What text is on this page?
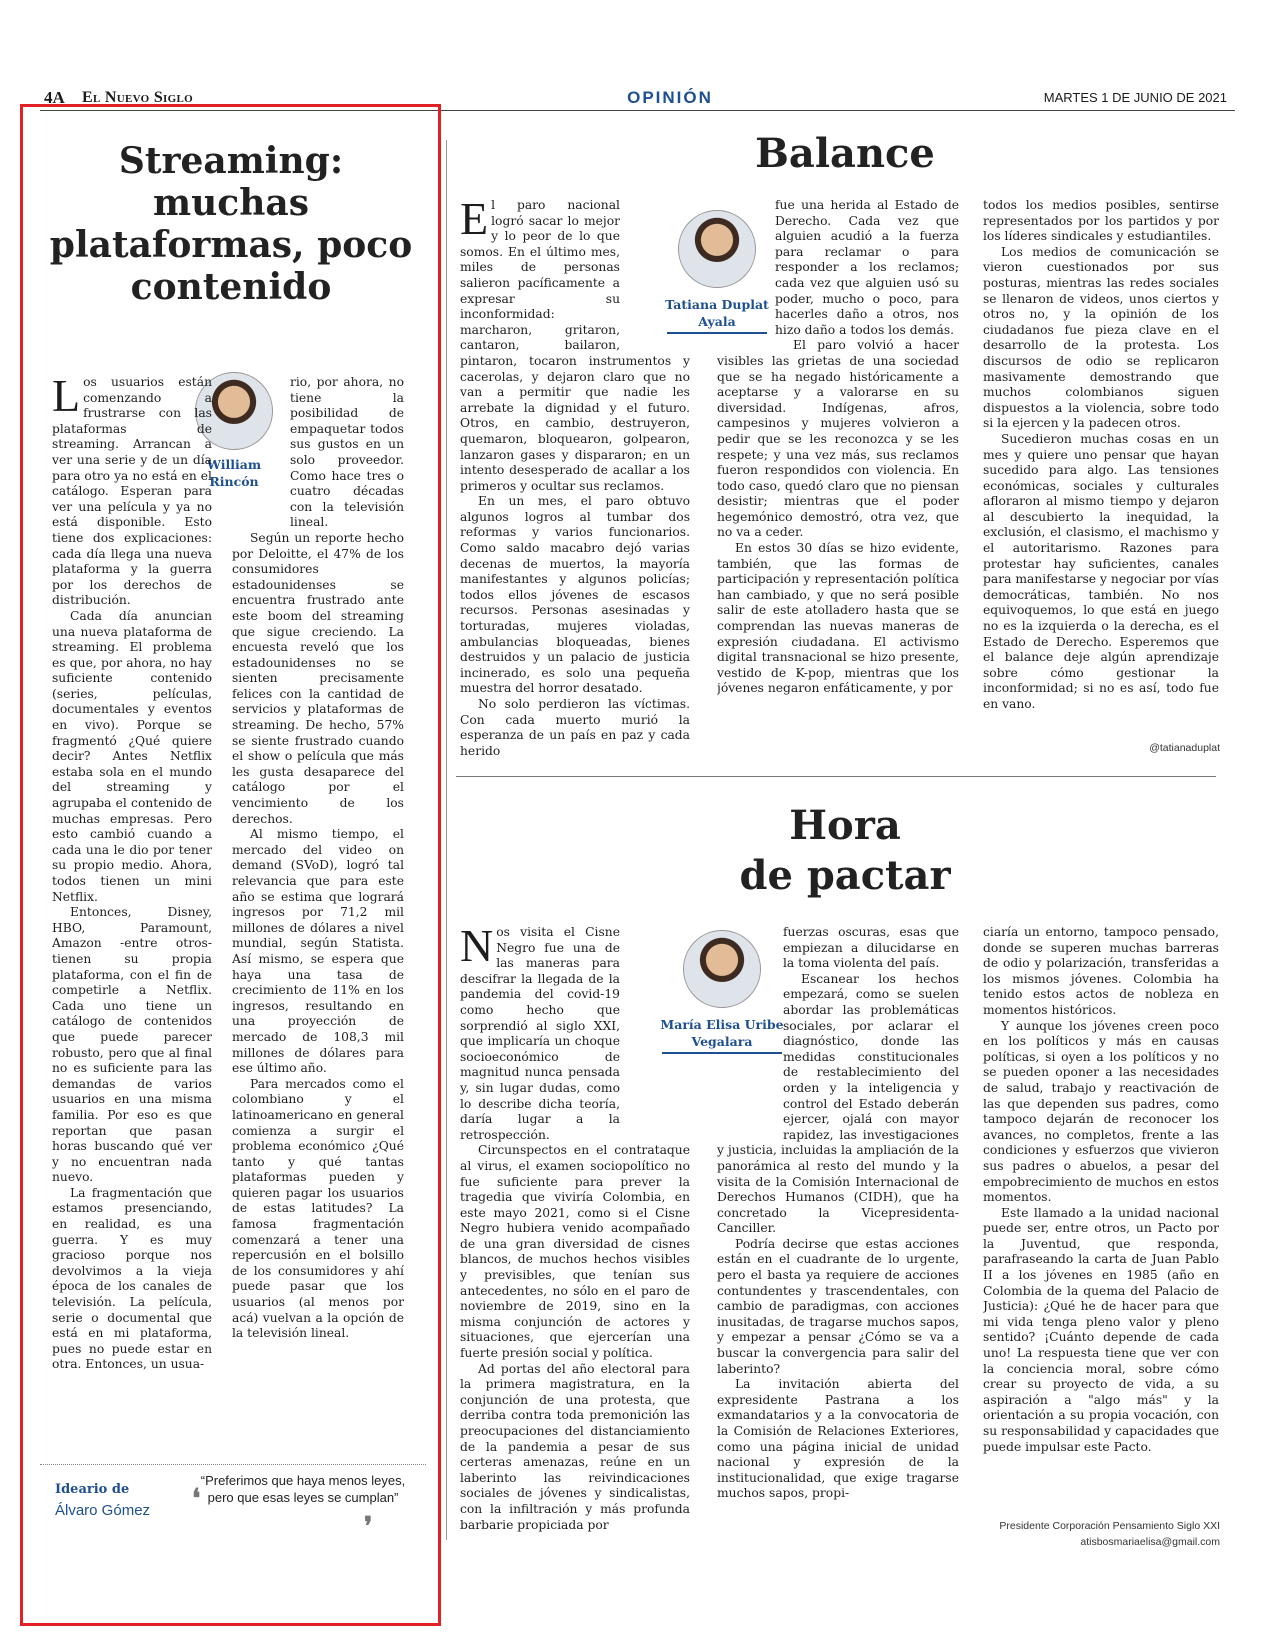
4A El Nuevo Siglo	OPINIÓN	MARTES 1 DE JUNIO DE 2021
Streaming: muchas plataformas, poco contenido
William Rincón

Los usuarios están comenzando a frustrarse con las plataformas de streaming. Arrancan a ver una serie y de un día para otro ya no está en el catálogo. Esperan para ver una película y ya no está disponible. Esto tiene dos explicaciones: cada día llega una nueva plataforma y la guerra por los derechos de distribución.

Cada día anuncian una nueva plataforma de streaming. El problema es que, por ahora, no hay suficiente contenido (series, películas, documentales y eventos en vivo). Porque se fragmentó ¿Qué quiere decir? Antes Netflix estaba sola en el mundo del streaming y agrupaba el contenido de muchas empresas. Pero esto cambió cuando a cada una le dio por tener su propio medio. Ahora, todos tienen un mini Netflix.

Entonces, Disney, HBO, Paramount, Amazon -entre otros- tienen su propia plataforma, con el fin de competirle a Netflix. Cada uno tiene un catálogo de contenidos que puede parecer robusto, pero que al final no es suficiente para las demandas de varios usuarios en una misma familia. Por eso es que reportan que pasan horas buscando qué ver y no encuentran nada nuevo.

La fragmentación que estamos presenciando, en realidad, es una guerra. Y es muy gracioso porque nos devolvimos a la vieja época de los canales de televisión. La película, serie o documental que está en mi plataforma, pues no puede estar en otra. Entonces, un usua-

rio, por ahora, no tiene la posibilidad de empaquetar todos sus gustos en un solo proveedor. Como hace tres o cuatro décadas con la televisión lineal.

Según un reporte hecho por Deloitte, el 47% de los consumidores estadounidenses se encuentra frustrado ante este boom del streaming que sigue creciendo. La encuesta reveló que los estadounidenses no se sienten precisamente felices con la cantidad de servicios y plataformas de streaming. De hecho, 57% se siente frustrado cuando el show o película que más les gusta desaparece del catálogo por el vencimiento de los derechos.

Al mismo tiempo, el mercado del video on demand (SVoD), logró tal relevancia que para este año se estima que logrará ingresos por 71,2 mil millones de dólares a nivel mundial, según Statista. Así mismo, se espera que haya una tasa de crecimiento de 11% en los ingresos, resultando en una proyección de mercado de 108,3 mil millones de dólares para ese último año.

Para mercados como el colombiano y el latinoamericano en general comienza a surgir el problema económico ¿Qué tanto y qué tantas plataformas pueden y quieren pagar los usuarios de estas latitudes? La famosa fragmentación comenzará a tener una repercusión en el bolsillo de los consumidores y ahí puede pasar que los usuarios (al menos por acá) vuelvan a la opción de la televisión lineal.

Ideario de
Álvaro Gómez ❛
“Preferimos que haya menos leyes, pero que esas leyes se cumplan”
❜
Balance
Tatiana Duplat Ayala

El paro nacional logró sacar lo mejor y lo peor de lo que somos. En el último mes, miles de personas salieron pacíficamente a expresar su inconformidad: marcharon, gritaron, cantaron, bailaron, pintaron, tocaron instrumentos y cacerolas, y dejaron claro que no van a permitir que nadie les arrebate la dignidad y el futuro. Otros, en cambio, destruyeron, quemaron, bloquearon, golpearon, lanzaron gases y dispararon; en un intento desesperado de acallar a los primeros y ocultar sus reclamos.

En un mes, el paro obtuvo algunos logros al tumbar dos reformas y varios funcionarios. Como saldo macabro dejó varias decenas de muertos, la mayoría manifestantes y algunos policías; todos ellos jóvenes de escasos recursos. Personas asesinadas y torturadas, mujeres violadas, ambulancias bloqueadas, bienes destruidos y un palacio de justicia incinerado, es solo una pequeña muestra del horror desatado.

No solo perdieron las víctimas. Con cada muerto murió la esperanza de un país en paz y cada herido

fue una herida al Estado de Derecho. Cada vez que alguien acudió a la fuerza para reclamar o para responder a los reclamos; cada vez que alguien usó su poder, mucho o poco, para hacerles daño a otros, nos hizo daño a todos los demás.

El paro volvió a hacer visibles las grietas de una sociedad que se ha negado históricamente a aceptarse y a valorarse en su diversidad. Indígenas, afros, campesinos y mujeres volvieron a pedir que se les reconozca y se les respete; y una vez más, sus reclamos fueron respondidos con violencia. En todo caso, quedó claro que no piensan desistir; mientras que el poder hegemónico demostró, otra vez, que no va a ceder.

En estos 30 días se hizo evidente, también, que las formas de participación y representación política han cambiado, y que no será posible salir de este atolladero hasta que se comprendan las nuevas maneras de expresión ciudadana. El activismo digital transnacional se hizo presente, vestido de K-pop, mientras que los jóvenes negaron enfáticamente, y por

todos los medios posibles, sentirse representados por los partidos y por los líderes sindicales y estudiantiles.

Los medios de comunicación se vieron cuestionados por sus posturas, mientras las redes sociales se llenaron de videos, unos ciertos y otros no, y la opinión de los ciudadanos fue pieza clave en el desarrollo de la protesta. Los discursos de odio se replicaron masivamente demostrando que muchos colombianos siguen dispuestos a la violencia, sobre todo si la ejercen y la padecen otros.

Sucedieron muchas cosas en un mes y quiere uno pensar que hayan sucedido para algo. Las tensiones económicas, sociales y culturales afloraron al mismo tiempo y dejaron al descubierto la inequidad, la exclusión, el clasismo, el machismo y el autoritarismo. Razones para protestar hay suficientes, canales para manifestarse y negociar por vías democráticas, también. No nos equivoquemos, lo que está en juego no es la izquierda o la derecha, es el Estado de Derecho. Esperemos que el balance deje algún aprendizaje sobre cómo gestionar la inconformidad; si no es así, todo fue en vano.

@tatianaduplat
Hora
de pactar
María Elisa Uribe Vegalara

Nos visita el Cisne Negro fue una de las maneras para descifrar la llegada de la pandemia del covid-19 como hecho que sorprendió al siglo XXI, que implicaría un choque socioeconómico de magnitud nunca pensada y, sin lugar dudas, como lo describe dicha teoría, daría lugar a la retrospección.

Circunspectos en el contrataque al virus, el examen sociopolítico no fue suficiente para prever la tragedia que viviría Colombia, en este mayo 2021, como si el Cisne Negro hubiera venido acompañado de una gran diversidad de cisnes blancos, de muchos hechos visibles y previsibles, que tenían sus antecedentes, no sólo en el paro de noviembre de 2019, sino en la misma conjunción de actores y situaciones, que ejercerían una fuerte presión social y política.

Ad portas del año electoral para la primera magistratura, en la conjunción de una protesta, que derriba contra toda premonición las preocupaciones del distanciamiento de la pandemia a pesar de sus certeras amenazas, reúne en un laberinto las reivindicaciones sociales de jóvenes y sindicalistas, con la infiltración y más profunda barbarie propiciada por

fuerzas oscuras, esas que empiezan a dilucidarse en la toma violenta del país.

Escanear los hechos empezará, como se suelen abordar las problemáticas sociales, por aclarar el diagnóstico, donde las medidas constitucionales de restablecimiento del orden y la inteligencia y control del Estado deberán ejercer, ojalá con mayor rapidez, las investigaciones y justicia, incluidas la ampliación de la panorámica al resto del mundo y la visita de la Comisión Internacional de Derechos Humanos (CIDH), que ha concretado la Vicepresidenta-Canciller.

Podría decirse que estas acciones están en el cuadrante de lo urgente, pero el basta ya requiere de acciones contundentes y trascendentales, con cambio de paradigmas, con acciones inusitadas, de tragarse muchos sapos, y empezar a pensar ¿Cómo se va a buscar la convergencia para salir del laberinto?

La invitación abierta del expresidente Pastrana a los exmandatarios y a la convocatoria de la Comisión de Relaciones Exteriores, como una página inicial de unidad nacional y expresión de la institucionalidad, que exige tragarse muchos sapos, propi-

ciaría un entorno, tampoco pensado, donde se superen muchas barreras de odio y polarización, transferidas a los mismos jóvenes. Colombia ha tenido estos actos de nobleza en momentos históricos.

Y aunque los jóvenes creen poco en los políticos y más en causas políticas, si oyen a los políticos y no se pueden oponer a las necesidades de salud, trabajo y reactivación de las que dependen sus padres, como tampoco dejarán de reconocer los avances, no completos, frente a las condiciones y esfuerzos que vivieron sus padres o abuelos, a pesar del empobrecimiento de muchos en estos momentos.

Este llamado a la unidad nacional puede ser, entre otros, un Pacto por la Juventud, que responda, parafraseando la carta de Juan Pablo II a los jóvenes en 1985 (año en Colombia de la quema del Palacio de Justicia): ¿Qué he de hacer para que mi vida tenga pleno valor y pleno sentido? ¡Cuánto depende de cada uno! La respuesta tiene que ver con la conciencia moral, sobre cómo crear su proyecto de vida, a su aspiración a "algo más" y la orientación a su propia vocación, con su responsabilidad y capacidades que puede impulsar este Pacto.

Presidente Corporación Pensamiento Siglo XXI
atisbosmariaelisa@gmail.com
